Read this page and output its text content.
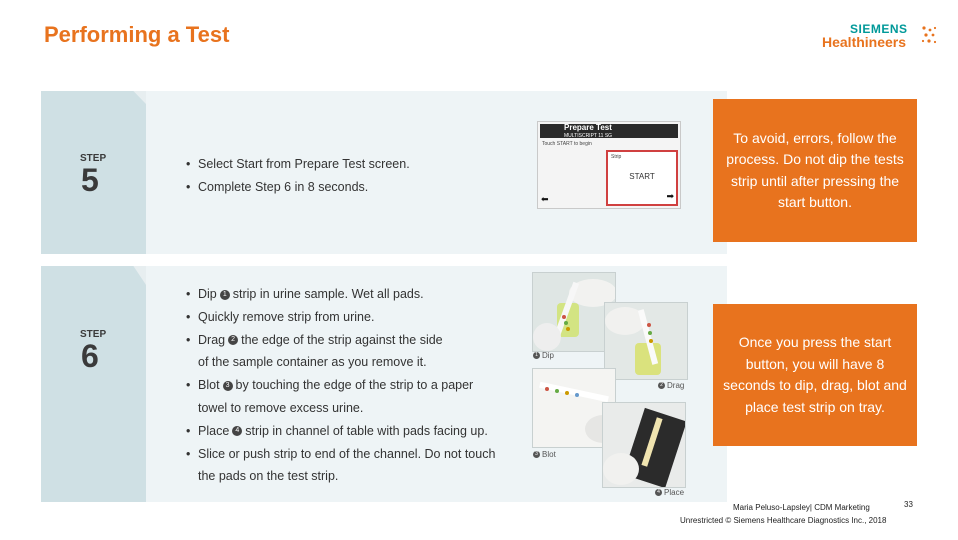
Performing a Test	SIEMENS
Healthineers
STEP
5
•	Select Start from Prepare Test screen.
• Complete Step 6 in 8 seconds.
Prepare Test
MULTISCRIPT 11 SG
Touch START to begin
Strip
START
➡
⬅
STEP
6
• Dip 1 strip in urine sample. Wet all pads.
• Quickly remove strip from urine.
• Drag 2 the edge of the strip against the side
of the sample container as you remove it.
• Blot 3 by touching the edge of the strip to a paper
towel to remove excess urine.
• Place 4 strip in channel of table with pads facing up.
• Slice or push strip to end of the channel. Do not touch
the pads on the test strip.
1 Dip
2 Drag
3 Blot
4 Place
To avoid, errors, follow the process. Do not dip the tests strip until after pressing the start button.
Once you press the start button, you will have 8 seconds to dip, drag, blot and place test strip on tray.
Maria Peluso-Lapsley| CDM Marketing	33
Unrestricted © Siemens Healthcare Diagnostics Inc., 2018
